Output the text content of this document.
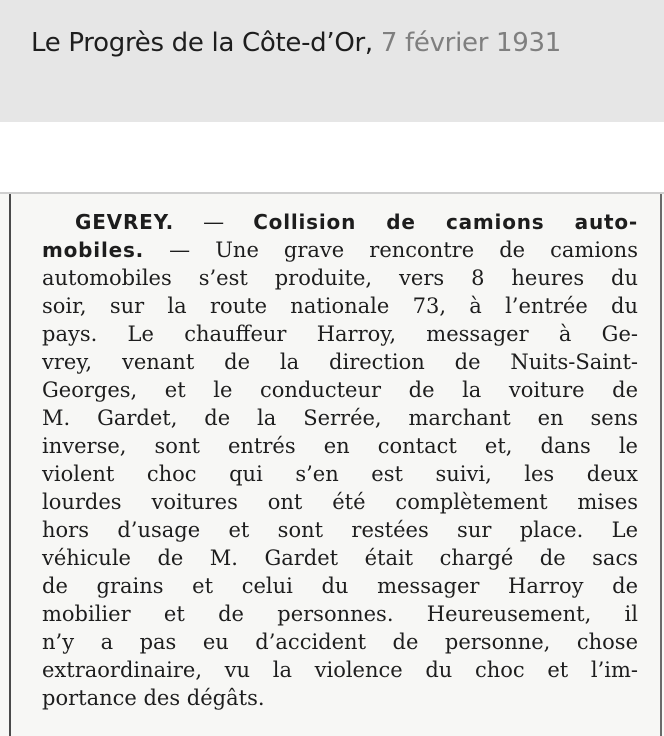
Le Progrès de la Côte-d’Or, 7 février 1931
GEVREY. — Collision de camions auto-
mobiles. — Une grave rencontre de camions
automobiles s’est produite, vers 8 heures du
soir, sur la route nationale 73, à l’entrée du
pays. Le chauffeur Harroy, messager à Ge-
vrey, venant de la direction de Nuits-Saint-
Georges, et le conducteur de la voiture de
M. Gardet, de la Serrée, marchant en sens
inverse, sont entrés en contact et, dans le
violent choc qui s’en est suivi, les deux
lourdes voitures ont été complètement mises
hors d’usage et sont restées sur place. Le
véhicule de M. Gardet était chargé de sacs
de grains et celui du messager Harroy de
mobilier et de personnes. Heureusement, il
n’y a pas eu d’accident de personne, chose
extraordinaire, vu la violence du choc et l’im-
portance des dégâts.
